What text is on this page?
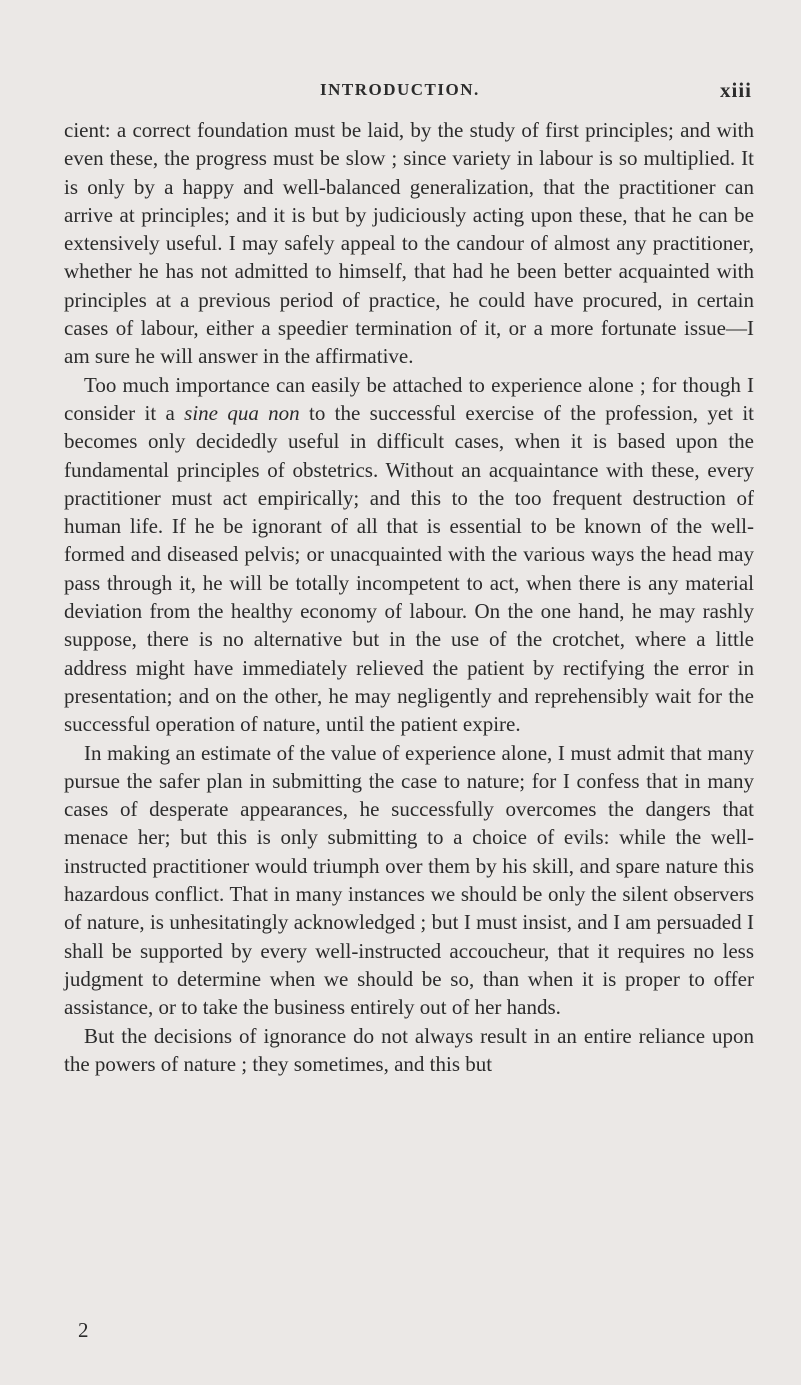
INTRODUCTION.	xiii

cient: a correct foundation must be laid, by the study of first principles; and with even these, the progress must be slow ; since variety in labour is so multiplied. It is only by a happy and well-balanced generalization, that the practitioner can arrive at principles; and it is but by judiciously acting upon these, that he can be extensively useful. I may safely appeal to the candour of almost any practitioner, whether he has not admitted to himself, that had he been better acquainted with principles at a previous period of practice, he could have procured, in certain cases of labour, either a speedier termination of it, or a more fortunate issue—I am sure he will answer in the affirmative.

Too much importance can easily be attached to experience alone ; for though I consider it a sine qua non to the successful exercise of the profession, yet it becomes only decidedly useful in difficult cases, when it is based upon the fundamental principles of obstetrics. Without an acquaintance with these, every practitioner must act empirically; and this to the too frequent destruction of human life. If he be ignorant of all that is essential to be known of the well-formed and diseased pelvis; or unacquainted with the various ways the head may pass through it, he will be totally incompetent to act, when there is any material deviation from the healthy economy of labour. On the one hand, he may rashly suppose, there is no alternative but in the use of the crotchet, where a little address might have immediately relieved the patient by rectifying the error in presentation; and on the other, he may negligently and reprehensibly wait for the successful operation of nature, until the patient expire.

In making an estimate of the value of experience alone, I must admit that many pursue the safer plan in submitting the case to nature; for I confess that in many cases of desperate appearances, he successfully overcomes the dangers that menace her; but this is only submitting to a choice of evils: while the well-instructed practitioner would triumph over them by his skill, and spare nature this hazardous conflict. That in many instances we should be only the silent observers of nature, is unhesitatingly acknowledged ; but I must insist, and I am persuaded I shall be supported by every well-instructed accoucheur, that it requires no less judgment to determine when we should be so, than when it is proper to offer assistance, or to take the business entirely out of her hands.

But the decisions of ignorance do not always result in an entire reliance upon the powers of nature ; they sometimes, and this but

2
